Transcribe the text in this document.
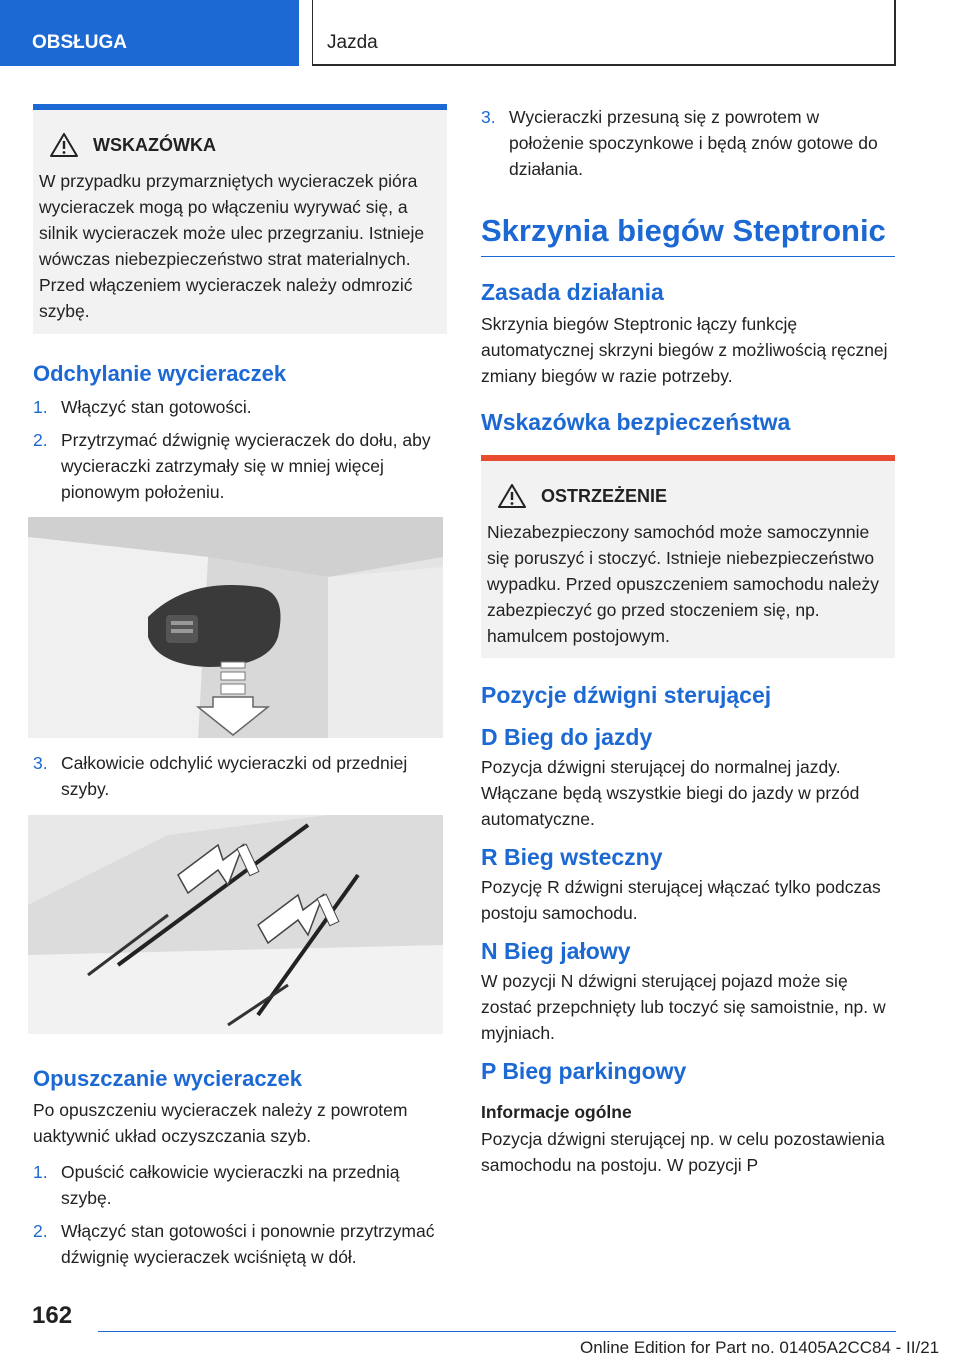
OBSŁUGA	Jazda
WSKAZÓWKA

W przypadku przymarzniętych wycieraczek pióra wycieraczek mogą po włączeniu wyrywać się, a silnik wycieraczek może ulec przegrzaniu. Istnieje wówczas niebezpieczeństwo strat materialnych. Przed włączeniem wycieraczek należy odmrozić szybę.

Odchylanie wycieraczek
1. Włączyć stan gotowości.
2. Przytrzymać dźwignię wycieraczek do dołu, aby wycieraczki zatrzymały się w mniej więcej pionowym położeniu.
3. Całkowicie odchylić wycieraczki od przedniej szyby.
Opuszczanie wycieraczek

Po opuszczeniu wycieraczek należy z powrotem uaktywnić układ oczyszczania szyb.

1. Opuścić całkowicie wycieraczki na przednią szybę.
2. Włączyć stan gotowości i ponownie przytrzymać dźwignię wycieraczek wciśniętą w dół.
3. Wycieraczki przesuną się z powrotem w położenie spoczynkowe i będą znów gotowe do działania.
Skrzynia biegów Steptronic
Zasada działania

Skrzynia biegów Steptronic łączy funkcję automatycznej skrzyni biegów z możliwością ręcznej zmiany biegów w razie potrzeby.

Wskazówka bezpieczeństwa
OSTRZEŻENIE

Niezabezpieczony samochód może samoczynnie się poruszyć i stoczyć. Istnieje niebezpieczeństwo wypadku. Przed opuszczeniem samochodu należy zabezpieczyć go przed stoczeniem się, np. hamulcem postojowym.

Pozycje dźwigni sterującej
D Bieg do jazdy

Pozycja dźwigni sterującej do normalnej jazdy. Włączane będą wszystkie biegi do jazdy w przód automatyczne.

R Bieg wsteczny

Pozycję R dźwigni sterującej włączać tylko podczas postoju samochodu.

N Bieg jałowy

W pozycji N dźwigni sterującej pojazd może się zostać przepchnięty lub toczyć się samoistnie, np. w myjniach.

P Bieg parkingowy
Informacje ogólne

Pozycja dźwigni sterującej np. w celu pozostawienia samochodu na postoju. W pozycji P

162
Online Edition for Part no. 01405A2CC84 - II/21
